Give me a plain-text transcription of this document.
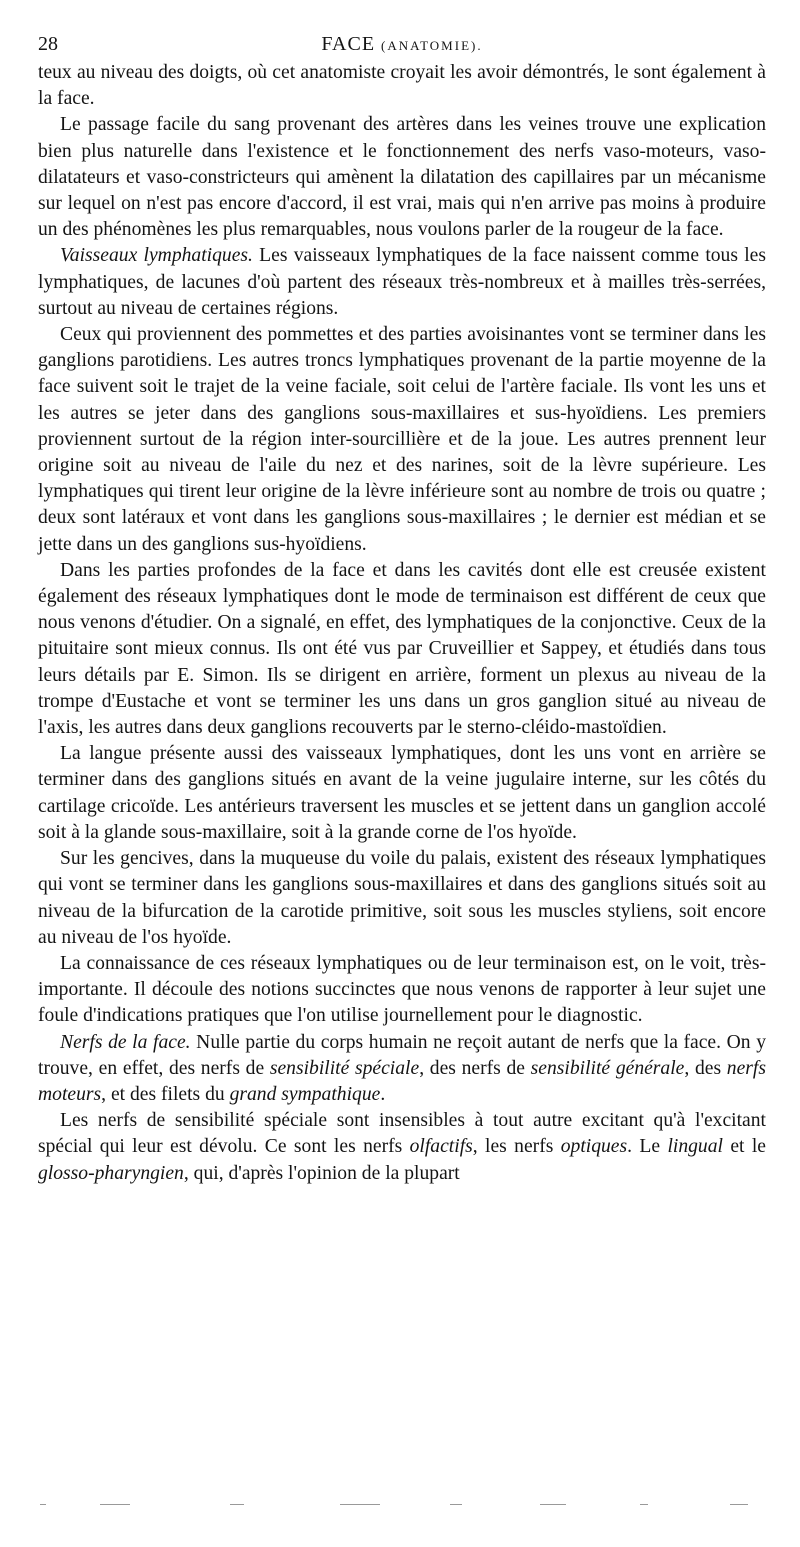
28	FACE (ANATOMIE).

teux au niveau des doigts, où cet anatomiste croyait les avoir démontrés, le sont également à la face.

Le passage facile du sang provenant des artères dans les veines trouve une explication bien plus naturelle dans l'existence et le fonctionnement des nerfs vaso-moteurs, vaso-dilatateurs et vaso-constricteurs qui amènent la dilatation des capillaires par un mécanisme sur lequel on n'est pas encore d'accord, il est vrai, mais qui n'en arrive pas moins à produire un des phénomènes les plus remarquables, nous voulons parler de la rougeur de la face.

Vaisseaux lymphatiques. Les vaisseaux lymphatiques de la face naissent comme tous les lymphatiques, de lacunes d'où partent des réseaux très-nombreux et à mailles très-serrées, surtout au niveau de certaines régions.

Ceux qui proviennent des pommettes et des parties avoisinantes vont se terminer dans les ganglions parotidiens. Les autres troncs lymphatiques provenant de la partie moyenne de la face suivent soit le trajet de la veine faciale, soit celui de l'artère faciale. Ils vont les uns et les autres se jeter dans des ganglions sous-maxillaires et sus-hyoïdiens. Les premiers proviennent surtout de la région inter-sourcillière et de la joue. Les autres prennent leur origine soit au niveau de l'aile du nez et des narines, soit de la lèvre supérieure. Les lymphatiques qui tirent leur origine de la lèvre inférieure sont au nombre de trois ou quatre ; deux sont latéraux et vont dans les ganglions sous-maxillaires ; le dernier est médian et se jette dans un des ganglions sus-hyoïdiens.

Dans les parties profondes de la face et dans les cavités dont elle est creusée existent également des réseaux lymphatiques dont le mode de terminaison est différent de ceux que nous venons d'étudier. On a signalé, en effet, des lymphatiques de la conjonctive. Ceux de la pituitaire sont mieux connus. Ils ont été vus par Cruveillier et Sappey, et étudiés dans tous leurs détails par E. Simon. Ils se dirigent en arrière, forment un plexus au niveau de la trompe d'Eustache et vont se terminer les uns dans un gros ganglion situé au niveau de l'axis, les autres dans deux ganglions recouverts par le sterno-cléido-mastoïdien.

La langue présente aussi des vaisseaux lymphatiques, dont les uns vont en arrière se terminer dans des ganglions situés en avant de la veine jugulaire interne, sur les côtés du cartilage cricoïde. Les antérieurs traversent les muscles et se jettent dans un ganglion accolé soit à la glande sous-maxillaire, soit à la grande corne de l'os hyoïde.

Sur les gencives, dans la muqueuse du voile du palais, existent des réseaux lymphatiques qui vont se terminer dans les ganglions sous-maxillaires et dans des ganglions situés soit au niveau de la bifurcation de la carotide primitive, soit sous les muscles styliens, soit encore au niveau de l'os hyoïde.

La connaissance de ces réseaux lymphatiques ou de leur terminaison est, on le voit, très-importante. Il découle des notions succinctes que nous venons de rapporter à leur sujet une foule d'indications pratiques que l'on utilise journellement pour le diagnostic.

Nerfs de la face. Nulle partie du corps humain ne reçoit autant de nerfs que la face. On y trouve, en effet, des nerfs de sensibilité spéciale, des nerfs de sensibilité générale, des nerfs moteurs, et des filets du grand sympathique.

Les nerfs de sensibilité spéciale sont insensibles à tout autre excitant qu'à l'excitant spécial qui leur est dévolu. Ce sont les nerfs olfactifs, les nerfs optiques. Le lingual et le glosso-pharyngien, qui, d'après l'opinion de la plupart
